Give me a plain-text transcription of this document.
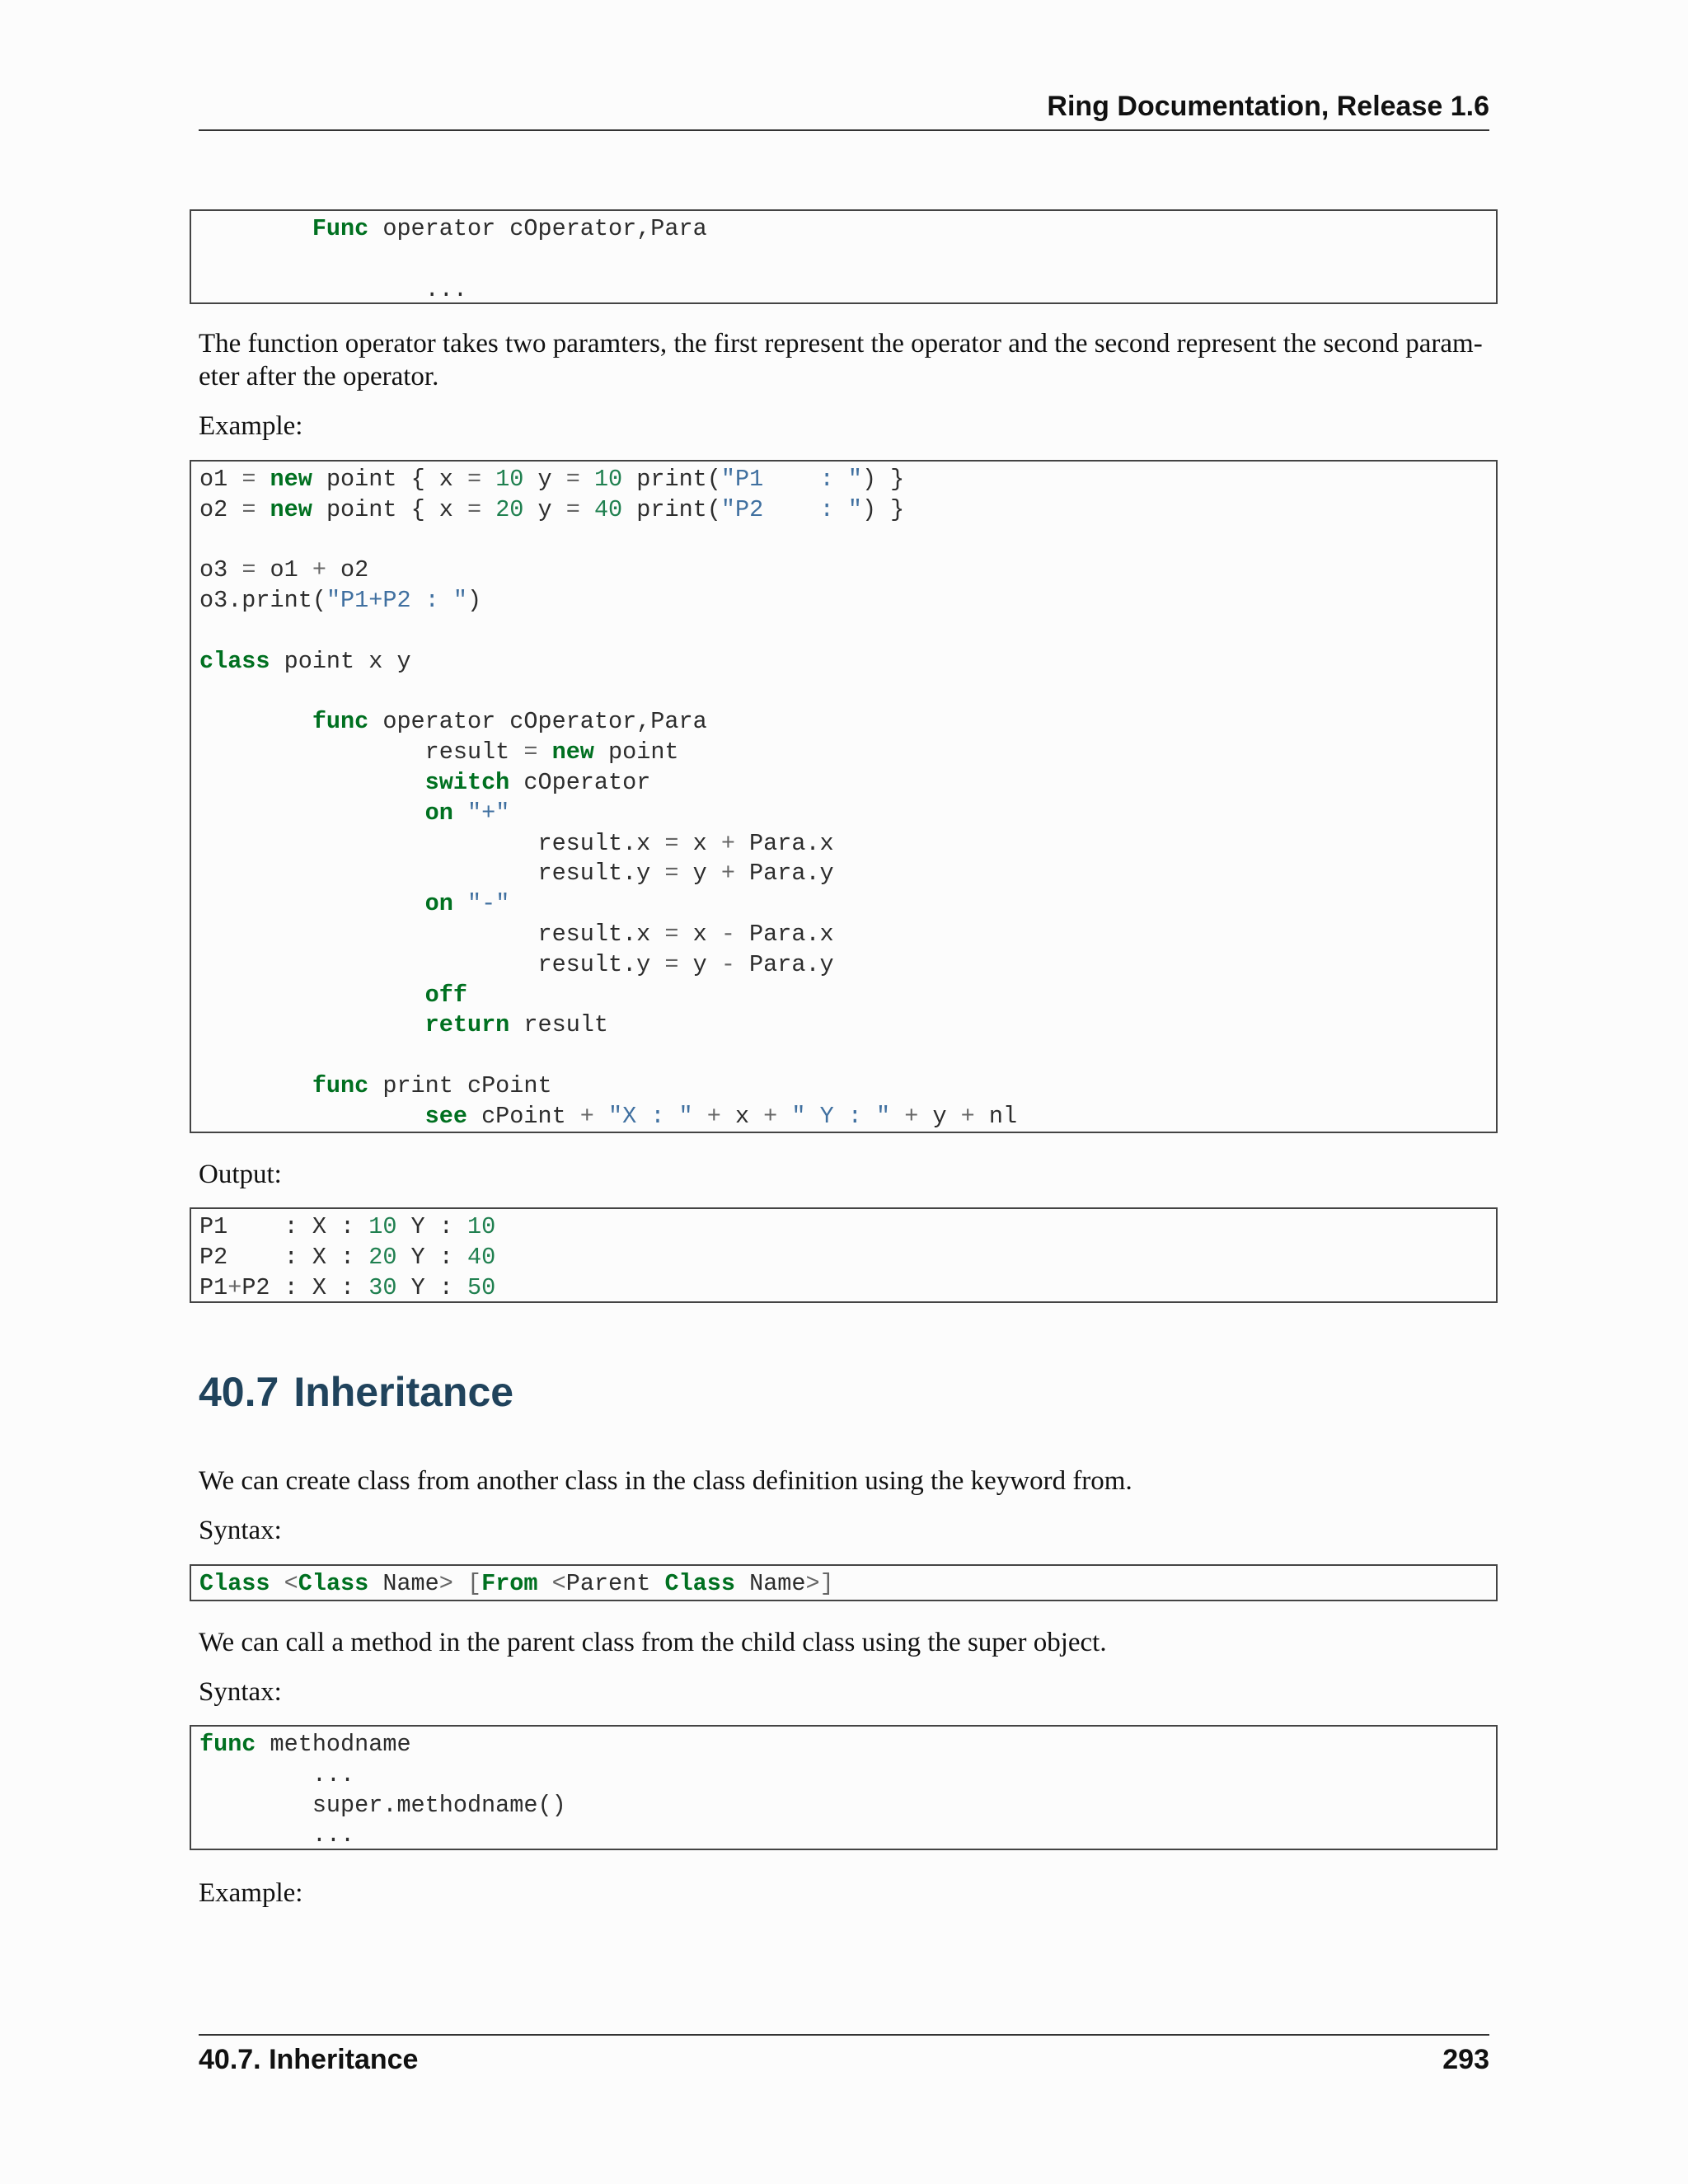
Ring Documentation, Release 1.6
Func operator cOperator,Para
...
The function operator takes two paramters, the first represent the operator and the second represent the second param- eter after the operator.
Example:
o1 = new point { x = 10 y = 10 print("P1    : ") }
o2 = new point { x = 20 y = 40 print("P2    : ") }
o3 = o1 + o2
o3.print("P1+P2 : ")
class point x y
func operator cOperator,Para
result = new point
switch cOperator
on "+"
result.x = x + Para.x
result.y = y + Para.y
on "-"
result.x = x - Para.x
result.y = y - Para.y
off
return result
func print cPoint
see cPoint + "X : " + x + " Y : " + y + nl
Output:
P1    : X : 10 Y : 10
P2    : X : 20 Y : 40
P1+P2 : X : 30 Y : 50
40.7 Inheritance
We can create class from another class in the class definition using the keyword from.
Syntax:
Class <Class Name> [From <Parent Class Name>]
We can call a method in the parent class from the child class using the super object.
Syntax:
func methodname
...
super.methodname()
...
Example:
40.7. Inheritance	293
